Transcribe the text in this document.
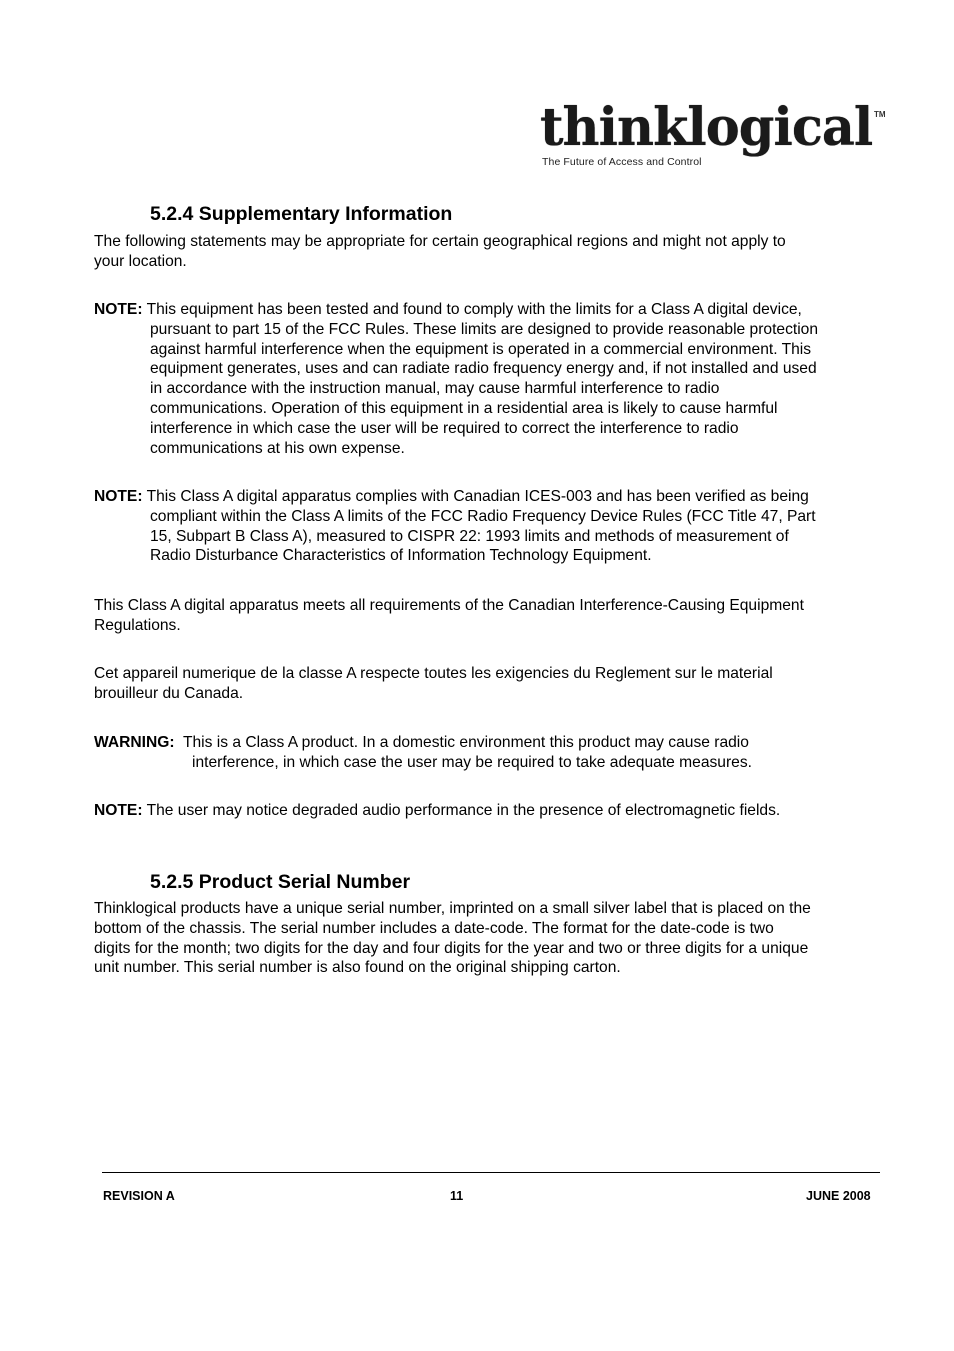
thinklogical TM
The Future of Access and Control
5.2.4 Supplementary Information
The following statements may be appropriate for certain geographical regions and might not apply to
your location.
NOTE: This equipment has been tested and found to comply with the limits for a Class A digital device,
pursuant to part 15 of the FCC Rules. These limits are designed to provide reasonable protection
against harmful interference when the equipment is operated in a commercial environment. This
equipment generates, uses and can radiate radio frequency energy and, if not installed and used
in accordance with the instruction manual, may cause harmful interference to radio
communications. Operation of this equipment in a residential area is likely to cause harmful
interference in which case the user will be required to correct the interference to radio
communications at his own expense.
NOTE: This Class A digital apparatus complies with Canadian ICES-003 and has been verified as being
compliant within the Class A limits of the FCC Radio Frequency Device Rules (FCC Title 47, Part
15, Subpart B Class A), measured to CISPR 22: 1993 limits and methods of measurement of
Radio Disturbance Characteristics of Information Technology Equipment.
This Class A digital apparatus meets all requirements of the Canadian Interference-Causing Equipment
Regulations.
Cet appareil numerique de la classe A respecte toutes les exigencies du Reglement sur le material
brouilleur du Canada.
WARNING: This is a Class A product. In a domestic environment this product may cause radio
interference, in which case the user may be required to take adequate measures.
NOTE: The user may notice degraded audio performance in the presence of electromagnetic fields.
5.2.5 Product Serial Number
Thinklogical products have a unique serial number, imprinted on a small silver label that is placed on the
bottom of the chassis. The serial number includes a date-code. The format for the date-code is two
digits for the month; two digits for the day and four digits for the year and two or three digits for a unique
unit number. This serial number is also found on the original shipping carton.
REVISION A	11	JUNE 2008
